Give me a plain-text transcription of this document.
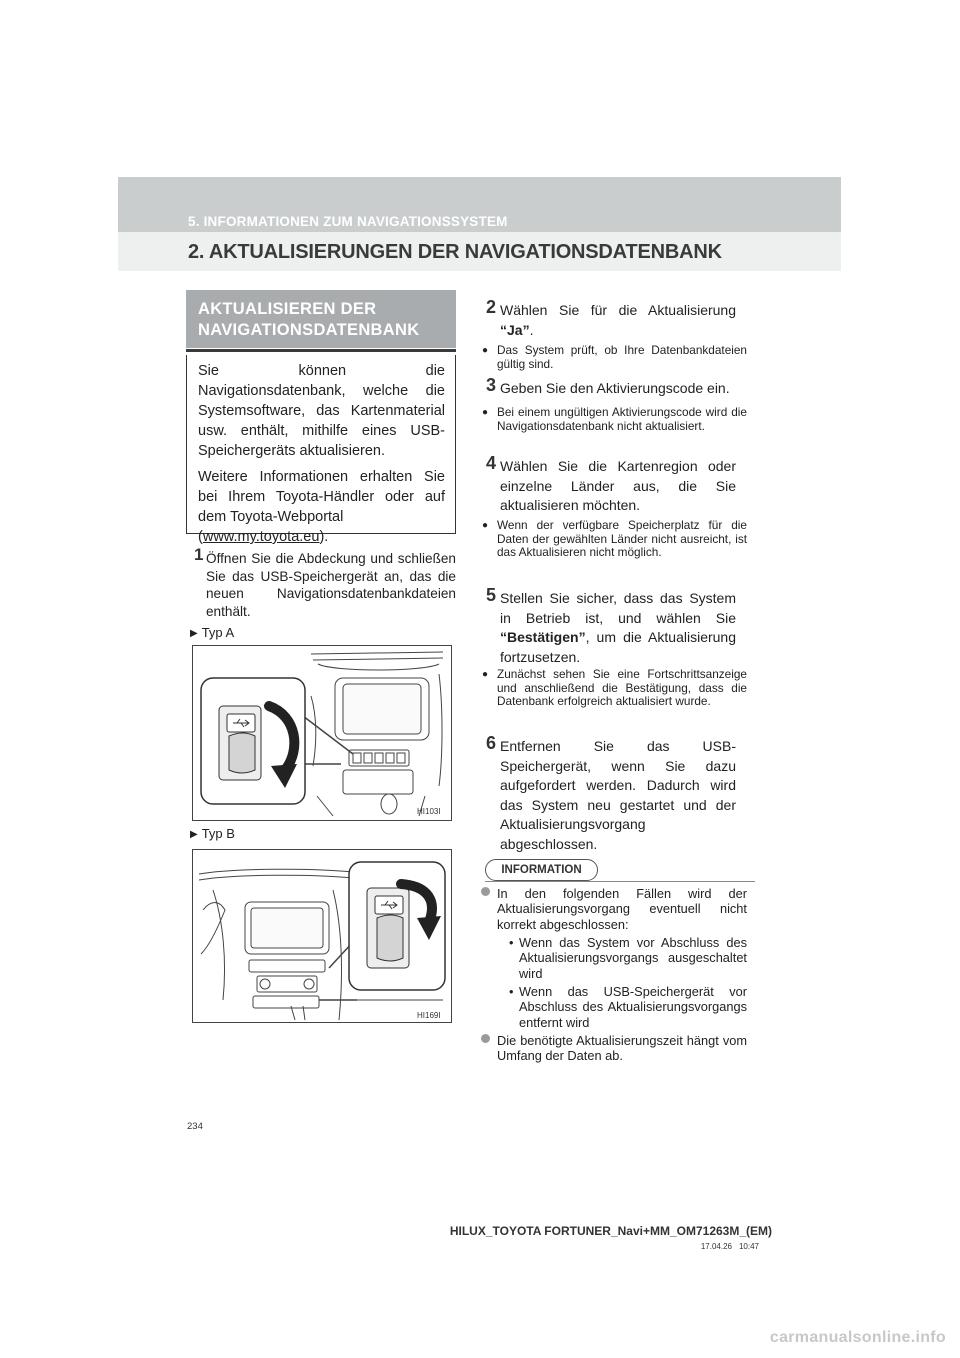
5. INFORMATIONEN ZUM NAVIGATIONSSYSTEM
2. AKTUALISIERUNGEN DER NAVIGATIONSDATENBANK
AKTUALISIEREN DER
NAVIGATIONSDATENBANK

Sie können die Navigationsdatenbank, welche die Systemsoftware, das Kartenmaterial usw. enthält, mithilfe eines USB-Speichergeräts aktualisieren.

Weitere Informationen erhalten Sie bei Ihrem Toyota-Händler oder auf dem Toyota-Webportal
(www.my.toyota.eu).

1 Öffnen Sie die Abdeckung und schließen Sie das USB-Speichergerät an, das die neuen Navigationsdatenbankdateien enthält.
▶ Typ A
HI103I
▶ Typ B
HI169I
2 Wählen Sie für die Aktualisierung “Ja”.
● Das System prüft, ob Ihre Datenbankdateien gültig sind.
3 Geben Sie den Aktivierungscode ein.
● Bei einem ungültigen Aktivierungscode wird die Navigationsdatenbank nicht aktualisiert.
4 Wählen Sie die Kartenregion oder einzelne Länder aus, die Sie aktualisieren möchten.
● Wenn der verfügbare Speicherplatz für die Daten der gewählten Länder nicht ausreicht, ist das Aktualisieren nicht möglich.
5 Stellen Sie sicher, dass das System in Betrieb ist, und wählen Sie “Bestätigen”, um die Aktualisierung fortzusetzen.
● Zunächst sehen Sie eine Fortschrittsanzeige und anschließend die Bestätigung, dass die Datenbank erfolgreich aktualisiert wurde.
6 Entfernen Sie das USB-Speichergerät, wenn Sie dazu aufgefordert werden. Dadurch wird das System neu gestartet und der Aktualisierungsvorgang abgeschlossen.
INFORMATION
In den folgenden Fällen wird der Aktualisierungsvorgang eventuell nicht korrekt abgeschlossen:
• Wenn das System vor Abschluss des Aktualisierungsvorgangs ausgeschaltet wird
• Wenn das USB-Speichergerät vor Abschluss des Aktualisierungsvorgangs entfernt wird
Die benötigte Aktualisierungszeit hängt vom Umfang der Daten ab.
234
HILUX_TOYOTA FORTUNER_Navi+MM_OM71263M_(EM)
17.04.26 10:47
carmanualsonline.info
